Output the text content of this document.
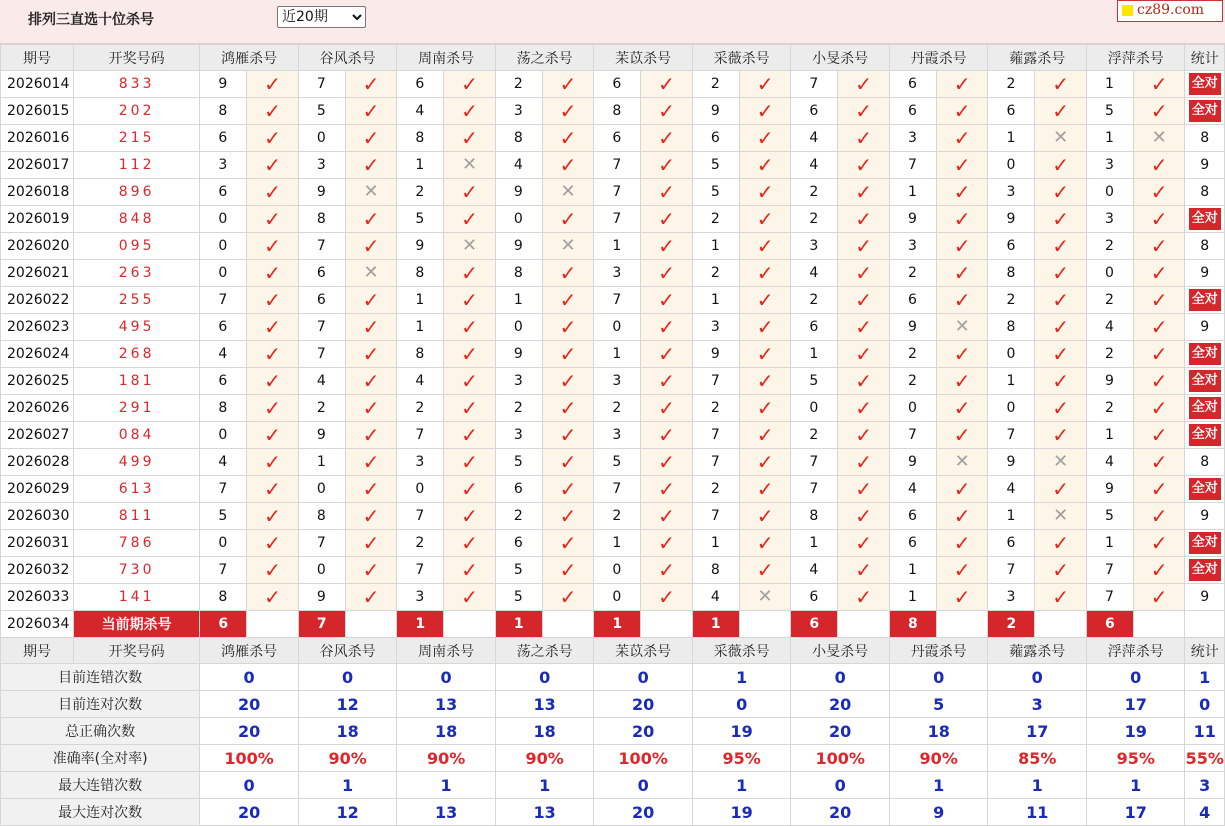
排列三直选十位杀号
近20期
cz89.com
期号	开奖号码	鸿雁杀号		谷风杀号		周南杀号		荡之杀号		苿苡杀号		采薇杀号		小旻杀号		丹霞杀号		蕹露杀号		浮萍杀号		统计
2026014	833	9	✓	7	✓	6	✓	2	✓	6	✓	2	✓	7	✓	6	✓	2	✓	1	✓	全对
2026015	202	8	✓	5	✓	4	✓	3	✓	8	✓	9	✓	6	✓	6	✓	6	✓	5	✓	全对
2026016	215	6	✓	0	✓	8	✓	8	✓	6	✓	6	✓	4	✓	3	✓	1	✕	1	✕	8
2026017	112	3	✓	3	✓	1	✕	4	✓	7	✓	5	✓	4	✓	7	✓	0	✓	3	✓	9
2026018	896	6	✓	9	✕	2	✓	9	✕	7	✓	5	✓	2	✓	1	✓	3	✓	0	✓	8
2026019	848	0	✓	8	✓	5	✓	0	✓	7	✓	2	✓	2	✓	9	✓	9	✓	3	✓	全对
2026020	095	0	✓	7	✓	9	✕	9	✕	1	✓	1	✓	3	✓	3	✓	6	✓	2	✓	8
2026021	263	0	✓	6	✕	8	✓	8	✓	3	✓	2	✓	4	✓	2	✓	8	✓	0	✓	9
2026022	255	7	✓	6	✓	1	✓	1	✓	7	✓	1	✓	2	✓	6	✓	2	✓	2	✓	全对
2026023	495	6	✓	7	✓	1	✓	0	✓	0	✓	3	✓	6	✓	9	✕	8	✓	4	✓	9
2026024	268	4	✓	7	✓	8	✓	9	✓	1	✓	9	✓	1	✓	2	✓	0	✓	2	✓	全对
2026025	181	6	✓	4	✓	4	✓	3	✓	3	✓	7	✓	5	✓	2	✓	1	✓	9	✓	全对
2026026	291	8	✓	2	✓	2	✓	2	✓	2	✓	2	✓	0	✓	0	✓	0	✓	2	✓	全对
2026027	084	0	✓	9	✓	7	✓	3	✓	3	✓	7	✓	2	✓	7	✓	7	✓	1	✓	全对
2026028	499	4	✓	1	✓	3	✓	5	✓	5	✓	7	✓	7	✓	9	✕	9	✕	4	✓	8
2026029	613	7	✓	0	✓	0	✓	6	✓	7	✓	2	✓	7	✓	4	✓	4	✓	9	✓	全对
2026030	811	5	✓	8	✓	7	✓	2	✓	2	✓	7	✓	8	✓	6	✓	1	✕	5	✓	9
2026031	786	0	✓	7	✓	2	✓	6	✓	1	✓	1	✓	1	✓	6	✓	6	✓	1	✓	全对
2026032	730	7	✓	0	✓	7	✓	5	✓	0	✓	8	✓	4	✓	1	✓	7	✓	7	✓	全对
2026033	141	8	✓	9	✓	3	✓	5	✓	0	✓	4	✕	6	✓	1	✓	3	✓	7	✓	9
2026034	当前期杀号	6		7		1		1		1		1		6		8		2		6		
期号	开奖号码	鸿雁杀号		谷风杀号		周南杀号		荡之杀号		苿苡杀号		采薇杀号		小旻杀号		丹霞杀号		蕹露杀号		浮萍杀号		统计
目前连错次数		0		0		0		0		0		1		0		0		0		0		1
目前连对次数		20		12		13		13		20		0		20		5		3		17		0
总正确次数		20		18		18		18		20		19		20		18		17		19		11
准确率(全对率)		100%		90%		90%		90%		100%		95%		100%		90%		85%		95%		55%
最大连错次数		0		1		1		1		0		1		0		1		1		1		3
最大连对次数		20		12		13		13		20		19		20		9		11		17		4
